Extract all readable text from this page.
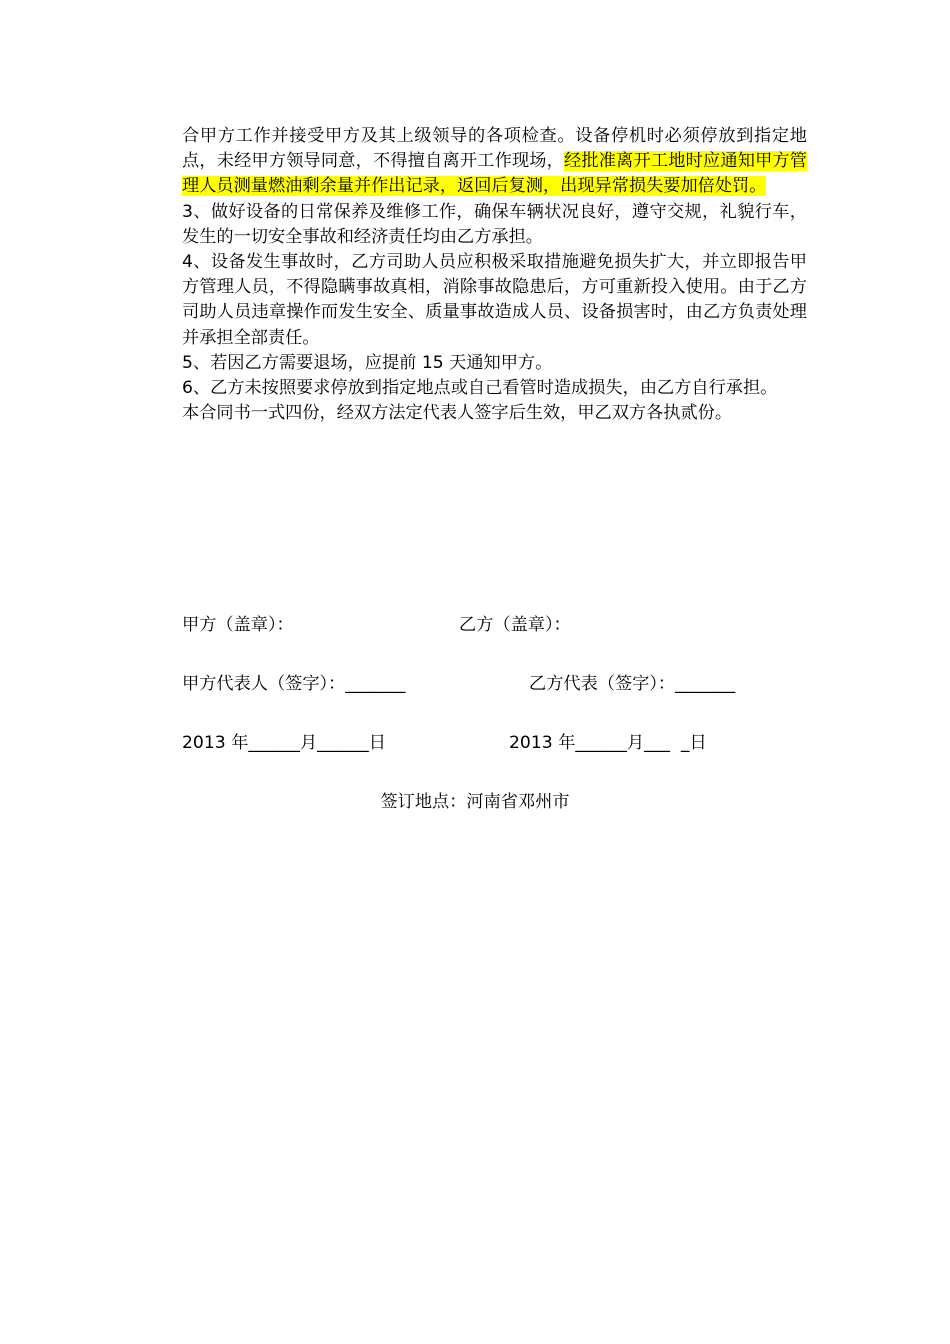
合甲方工作并接受甲方及其上级领导的各项检查。设备停机时必须停放到指定地点，未经甲方领导同意，不得擅自离开工作现场，经批准离开工地时应通知甲方管理人员测量燃油剩余量并作出记录，返回后复测，出现异常损失要加倍处罚。

3、做好设备的日常保养及维修工作，确保车辆状况良好，遵守交规，礼貌行车，发生的一切安全事故和经济责任均由乙方承担。

4、设备发生事故时，乙方司助人员应积极采取措施避免损失扩大，并立即报告甲方管理人员，不得隐瞒事故真相，消除事故隐患后，方可重新投入使用。由于乙方司助人员违章操作而发生安全、质量事故造成人员、设备损害时，由乙方负责处理并承担全部责任。

5、若因乙方需要退场，应提前 15 天通知甲方。

6、乙方未按照要求停放到指定地点或自己看管时造成损失，由乙方自行承担。

本合同书一式四份，经双方法定代表人签字后生效，甲乙双方各执贰份。

甲方（盖章）：	乙方（盖章）：
甲方代表人（签字）：_______	乙方代表（签字）：_______
2013 年______月______日	2013 年______月___  _日
签订地点：河南省邓州市
